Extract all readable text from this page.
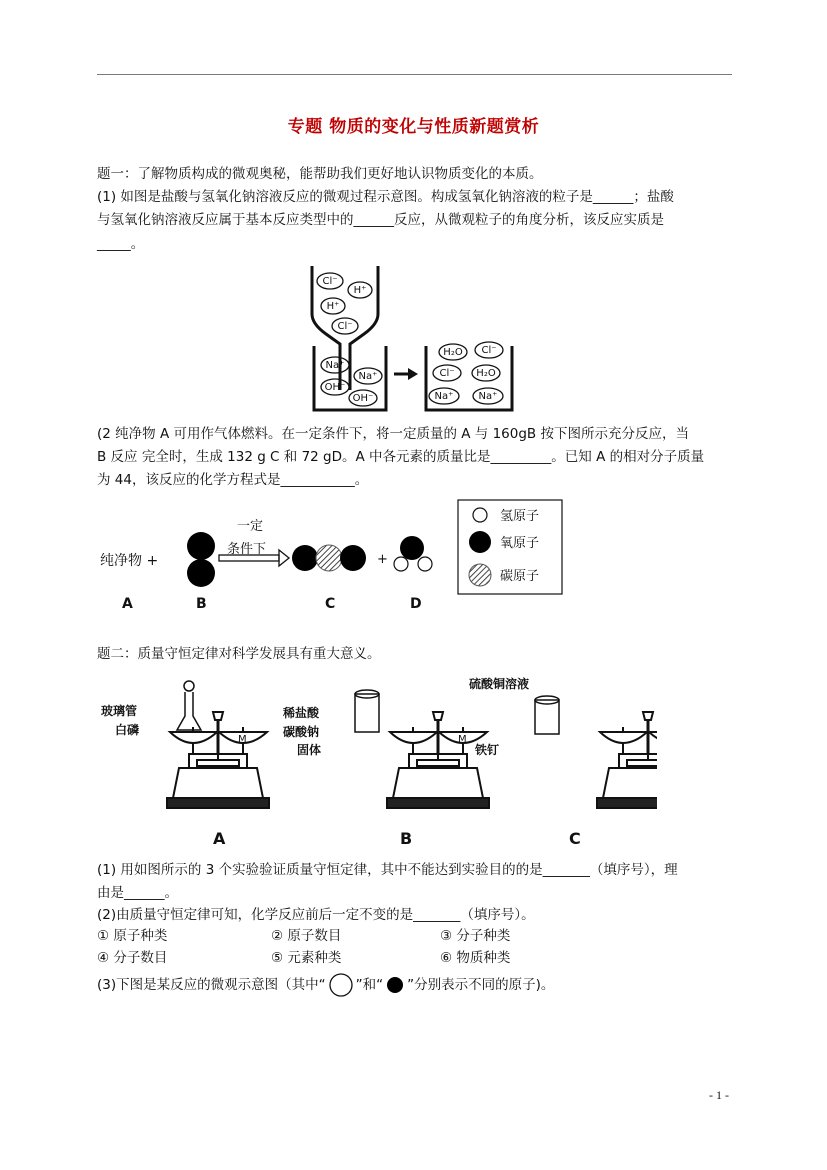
专题 物质的变化与性质新题赏析
题一：了解物质构成的微观奥秘，能帮助我们更好地认识物质变化的本质。
(1) 如图是盐酸与氢氧化钠溶液反应的微观过程示意图。构成氢氧化钠溶液的粒子是______；盐酸
与氢氧化钠溶液反应属于基本反应类型中的______反应，从微观粒子的角度分析，该反应实质是
_____。
Cl⁻
H⁺
H⁺
Cl⁻
Na⁺
Na⁺
OH⁻
OH⁻
H₂O Cl⁻
Cl⁻ H₂O
Na⁺	Na⁺
(2 纯净物 A 可用作气体燃料。在一定条件下，将一定质量的 A 与 160gB 按下图所示充分反应，当
B 反应 完全时，生成 132 g C 和 72 gD。A 中各元素的质量比是_________。已知 A 的相对分子质量
为 44，该反应的化学方程式是___________。
纯净物 +
一定
条件下
+
A	B	C	D
氢原子
氧原子
碳原子
题二：质量守恒定律对科学发展具有重大意义。
M
玻璃管
白磷
稀盐酸
碳酸钠
固体
硫酸铜溶液
铁钉
A	B	C
(1) 用如图所示的 3 个实验验证质量守恒定律，其中不能达到实验目的的是_______（填序号），理
由是______。
(2)由质量守恒定律可知，化学反应前后一定不变的是_______（填序号）。
① 原子种类	② 原子数目	③ 分子种类
④ 分子数目	⑤ 元素种类	⑥ 物质种类
(3)下图是某反应的微观示意图（其中“ ”和“ ”分别表示不同的原子)。
- 1 -
